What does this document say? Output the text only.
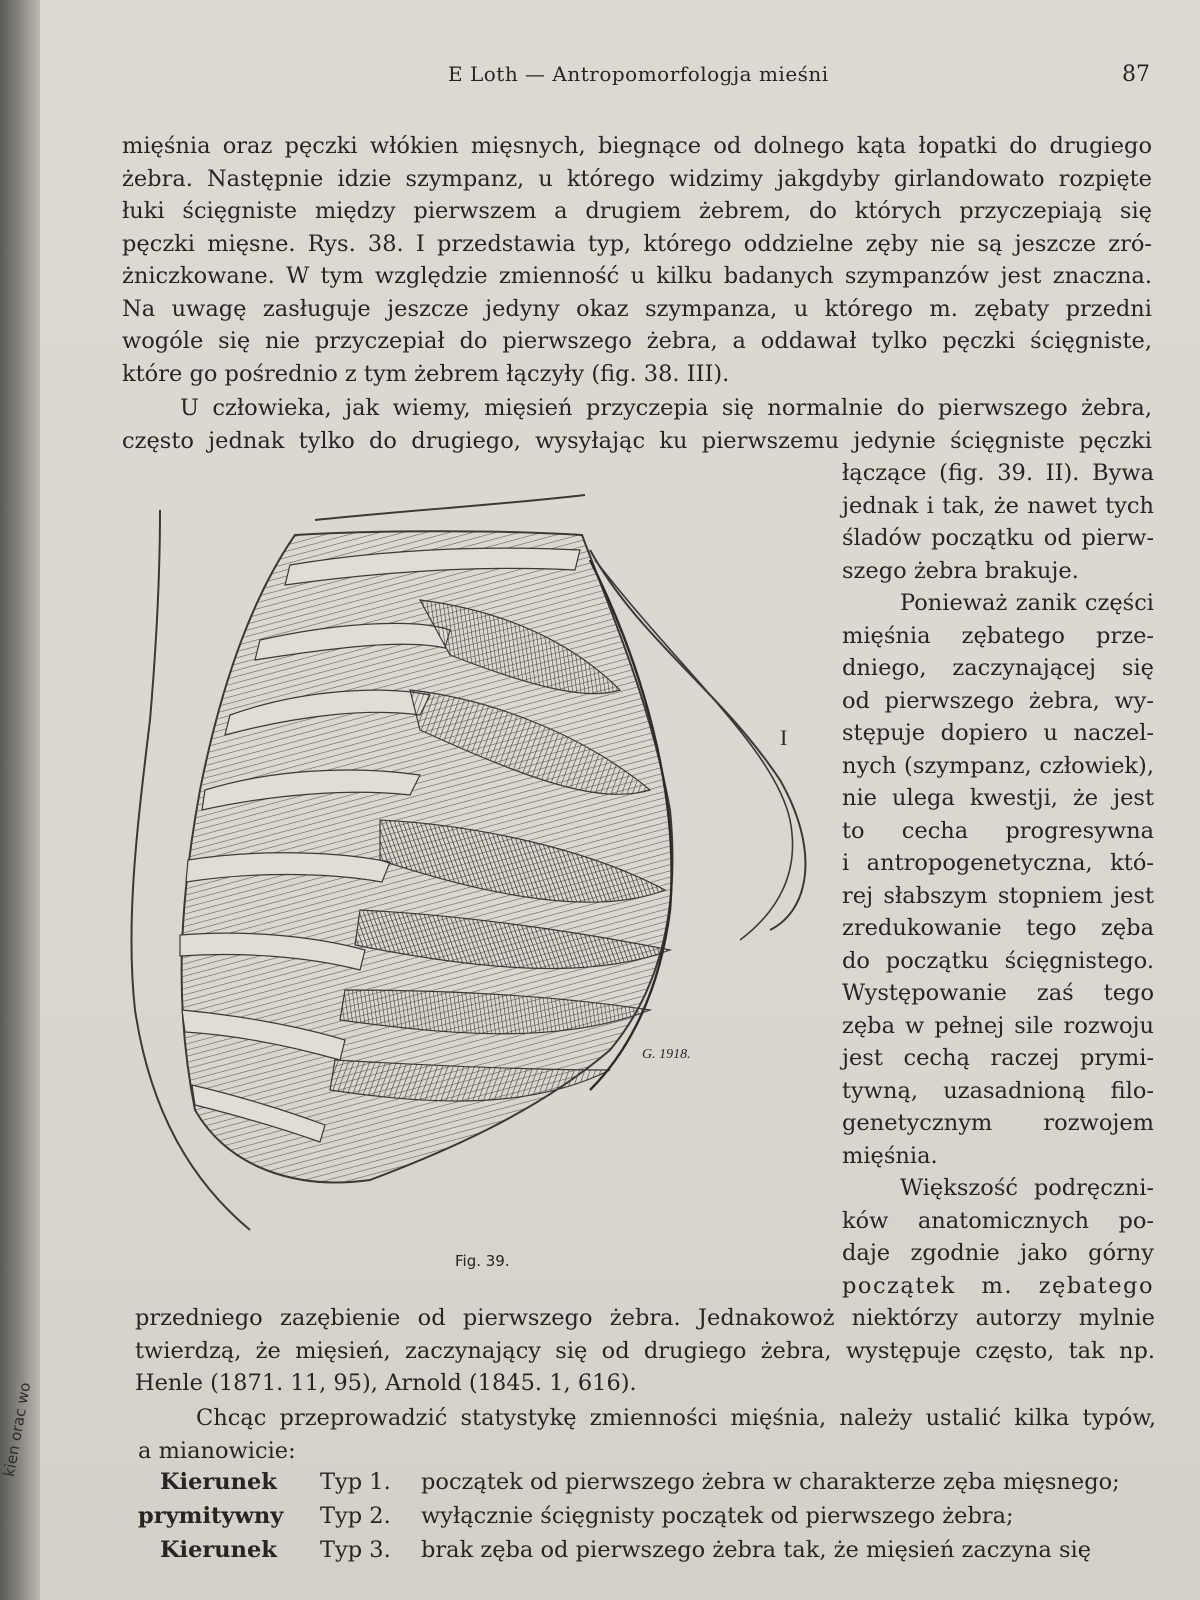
kien orac wo
E Loth — Antropomorfologja mieśni	87
mięśnia oraz pęczki włókien mięsnych, biegnące od dolnego kąta łopatki do drugiego
żebra. Następnie idzie szympanz, u którego widzimy jakgdyby girlandowato rozpięte
łuki ścięgniste między pierwszem a drugiem żebrem, do których przyczepiają się
pęczki mięsne. Rys. 38. I przedstawia typ, którego oddzielne zęby nie są jeszcze zró-
żniczkowane. W tym względzie zmienność u kilku badanych szympanzów jest znaczna.
Na uwagę zasługuje jeszcze jedyny okaz szympanza, u którego m. zębaty przedni
wogóle się nie przyczepiał do pierwszego żebra, a oddawał tylko pęczki ścięgniste,
które go pośrednio z tym żebrem łączyły (fig. 38. III).
U człowieka, jak wiemy, mięsień przyczepia się normalnie do pierwszego żebra,
często jednak tylko do drugiego, wysyłając ku pierwszemu jedynie ścięgniste pęczki
łączące (fig. 39. II). Bywa
jednak i tak, że nawet tych
śladów początku od pierw-
szego żebra brakuje.
Ponieważ zanik części
mięśnia zębatego prze-
dniego, zaczynającej się
od pierwszego żebra, wy-
stępuje dopiero u naczel-
nych (szympanz, człowiek),
nie ulega kwestji, że jest
to cecha progresywna
i antropogenetyczna, któ-
rej słabszym stopniem jest
zredukowanie tego zęba
do początku ścięgnistego.
Występowanie zaś tego
zęba w pełnej sile rozwoju
jest cechą raczej prymi-
tywną, uzasadnioną filo-
genetycznym rozwojem
mięśnia.
Większość podręczni-
ków anatomicznych po-
daje zgodnie jako górny
początek m. zębatego
I
G. 1918.
Fig. 39.
przedniego zazębienie od pierwszego żebra. Jednakowoż niektórzy autorzy mylnie
twierdzą, że mięsień, zaczynający się od drugiego żebra, występuje często, tak np.
Henle (1871. 11, 95), Arnold (1845. 1, 616).
Chcąc przeprowadzić statystykę zmienności mięśnia, należy ustalić kilka typów,
a mianowicie:
Kierunek	Typ 1. początek od pierwszego żebra w charakterze zęba mięsnego;
prymitywny	Typ 2. wyłącznie ścięgnisty początek od pierwszego żebra;
Kierunek	Typ 3. brak zęba od pierwszego żebra tak, że mięsień zaczyna się
